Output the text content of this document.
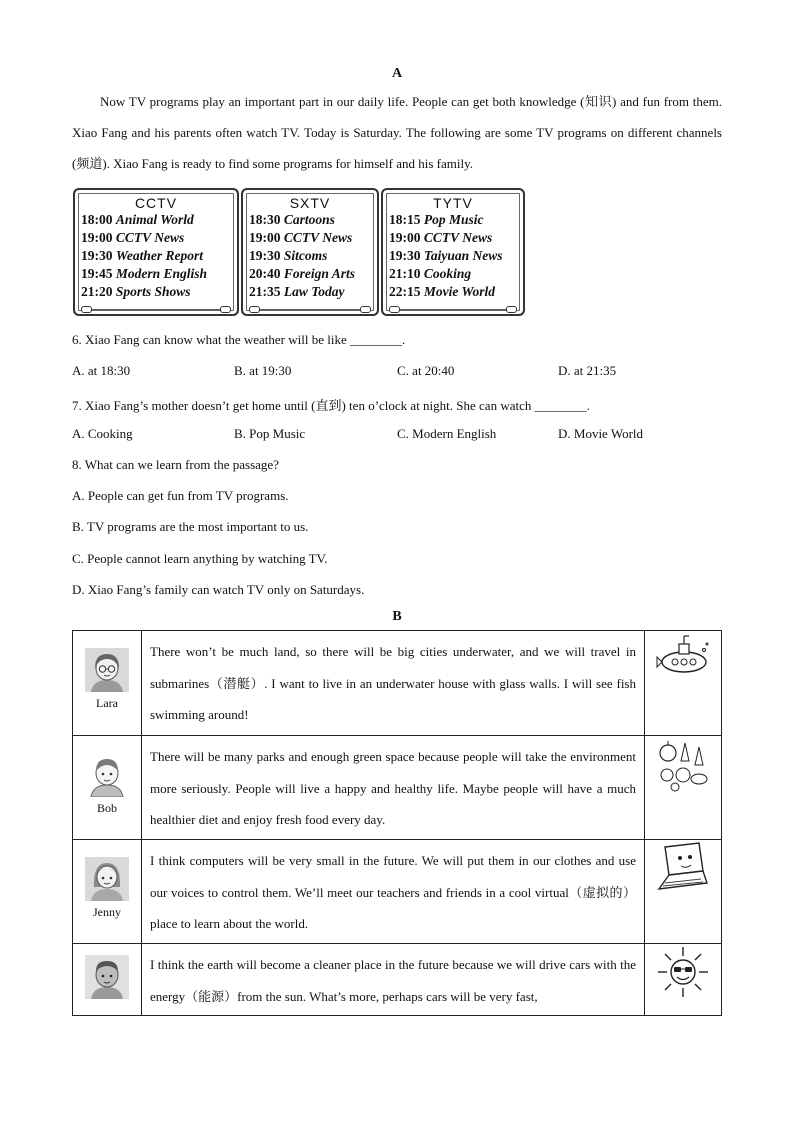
A

Now TV programs play an important part in our daily life. People can get both knowledge (知识) and fun from them. Xiao Fang and his parents often watch TV. Today is Saturday. The following are some TV programs on different channels (频道). Xiao Fang is ready to find some programs for himself and his family.

CCTV
18:00 Animal World
19:00 CCTV News
19:30 Weather Report
19:45 Modern English
21:20 Sports Shows
SXTV
18:30 Cartoons
19:00 CCTV News
19:30 Sitcoms
20:40 Foreign Arts
21:35 Law Today
TYTV
18:15 Pop Music
19:00 CCTV News
19:30 Taiyuan News
21:10 Cooking
22:15 Movie World
6. Xiao Fang can know what the weather will be like ________.
A. at 18:30	B. at 19:30	C. at 20:40	D. at 21:35
7. Xiao Fang’s mother doesn’t get home until (直到) ten o’clock at night. She can watch ________.
A. Cooking	B. Pop Music	C. Modern English	D. Movie World
8. What can we learn from the passage?
A. People can get fun from TV programs.
B. TV programs are the most important to us.
C. People cannot learn anything by watching TV.
D. Xiao Fang’s family can watch TV only on Saturdays.
B
Lara	There won’t be much land, so there will be big cities underwater, and we will travel in submarines（潜艇）. I want to live in an underwater house with glass walls. I will see fish swimming around!	

Bob	There will be many parks and enough green space because people will take the environment more seriously. People will live a happy and healthy life. Maybe people will have a much healthier diet and enjoy fresh food every day.	

Jenny	I think computers will be very small in the future. We will put them in our clothes and use our voices to control them. We’ll meet our teachers and friends in a cool virtual（虚拟的）place to learn about the world.	

	I think the earth will become a cleaner place in the future because we will drive cars with the energy（能源）from the sun. What’s more, perhaps cars will be very fast,	
